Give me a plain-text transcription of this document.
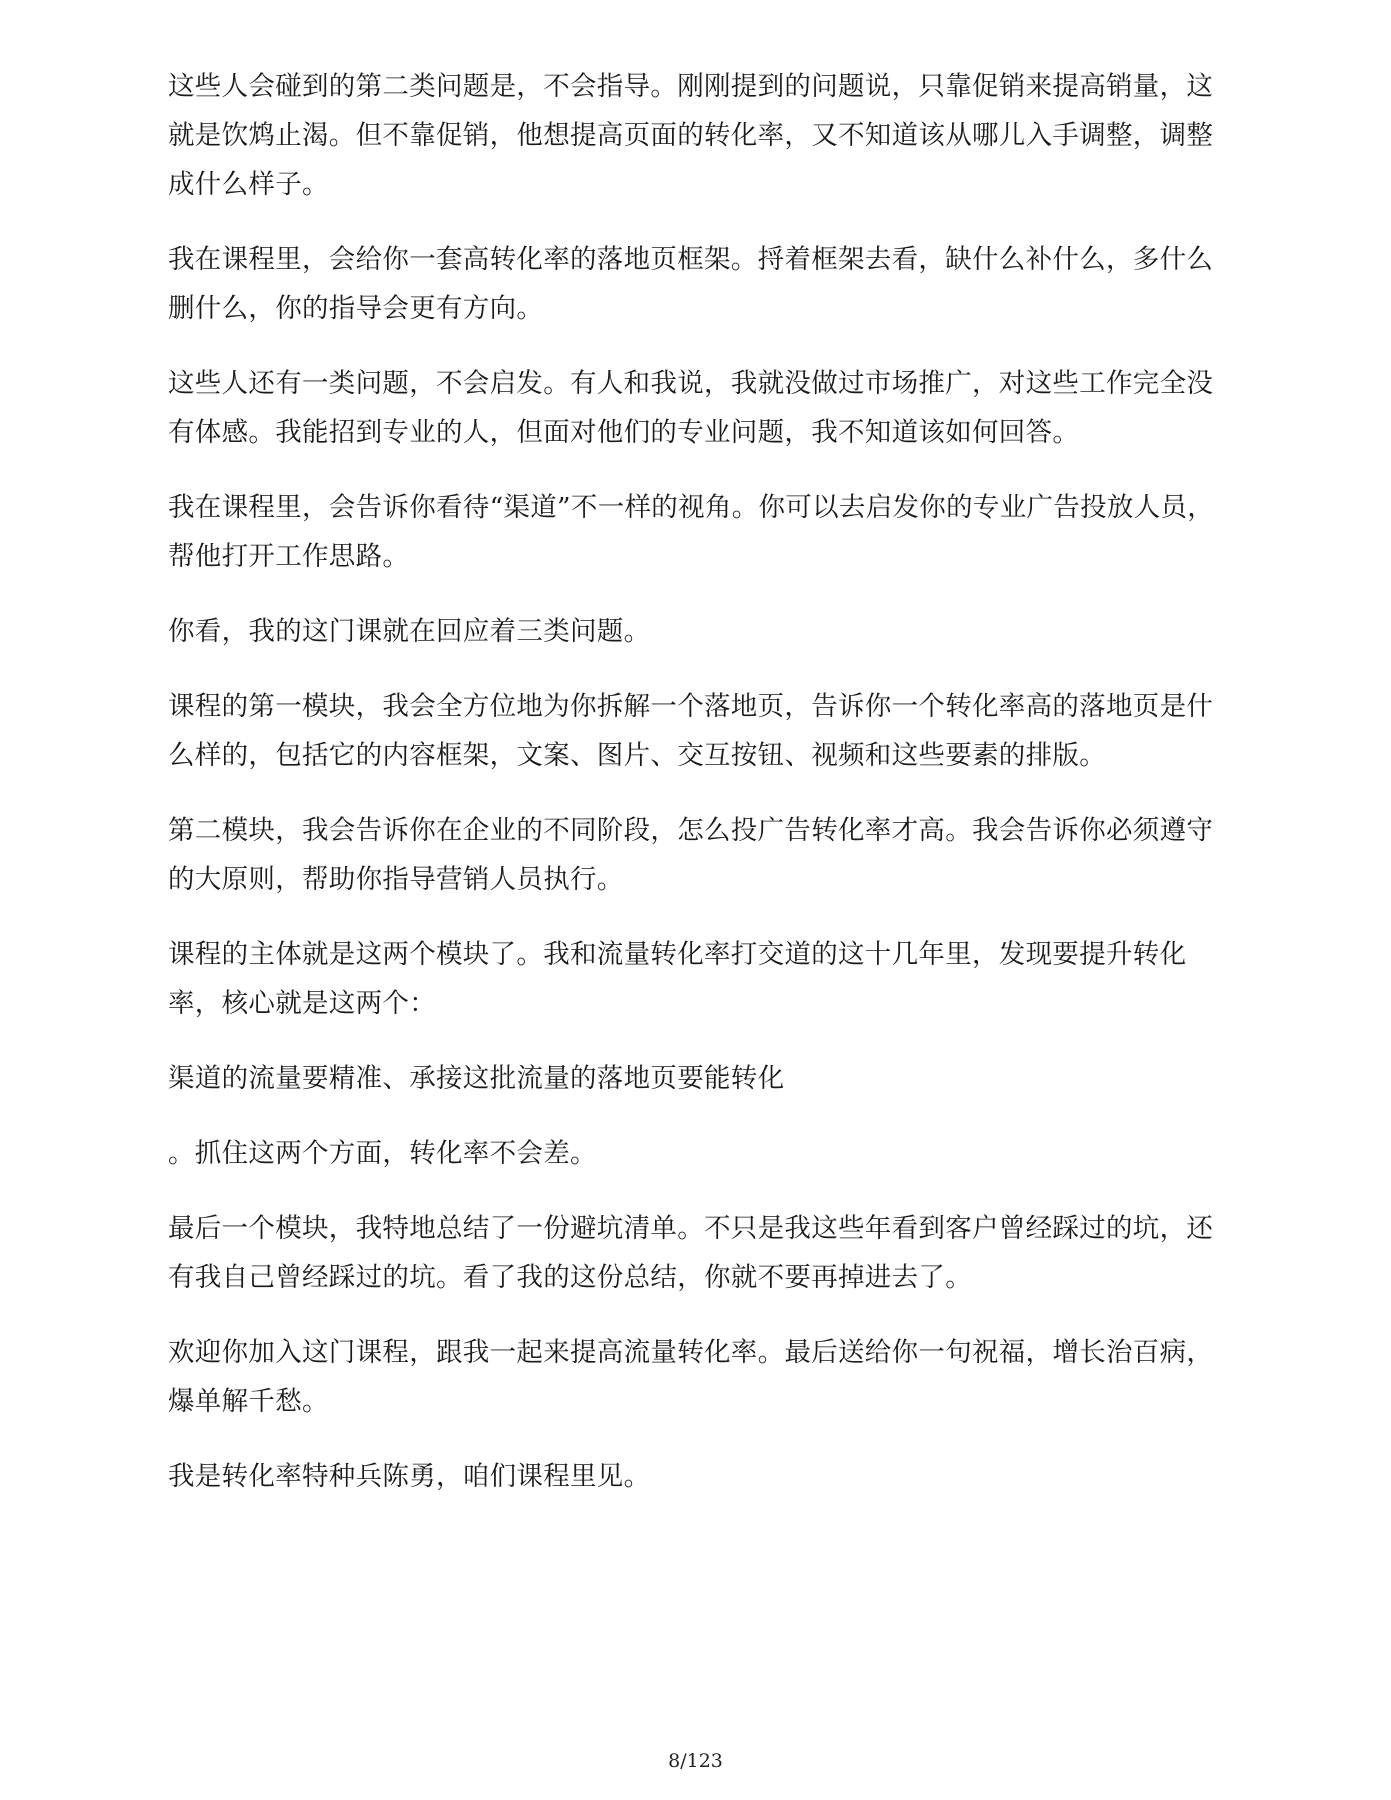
这些人会碰到的第二类问题是，不会指导。刚刚提到的问题说，只靠促销来提高销量，这就是饮鸩止渴。但不靠促销，他想提高页面的转化率，又不知道该从哪儿入手调整，调整成什么样子。

我在课程里，会给你一套高转化率的落地页框架。捋着框架去看，缺什么补什么，多什么删什么，你的指导会更有方向。

这些人还有一类问题，不会启发。有人和我说，我就没做过市场推广，对这些工作完全没有体感。我能招到专业的人，但面对他们的专业问题，我不知道该如何回答。

我在课程里，会告诉你看待“渠道”不一样的视角。你可以去启发你的专业广告投放人员，帮他打开工作思路。

你看，我的这门课就在回应着三类问题。

课程的第一模块，我会全方位地为你拆解一个落地页，告诉你一个转化率高的落地页是什么样的，包括它的内容框架，文案、图片、交互按钮、视频和这些要素的排版。

第二模块，我会告诉你在企业的不同阶段，怎么投广告转化率才高。我会告诉你必须遵守的大原则，帮助你指导营销人员执行。

课程的主体就是这两个模块了。我和流量转化率打交道的这十几年里，发现要提升转化率，核心就是这两个：

渠道的流量要精准、承接这批流量的落地页要能转化

。抓住这两个方面，转化率不会差。

最后一个模块，我特地总结了一份避坑清单。不只是我这些年看到客户曾经踩过的坑，还有我自己曾经踩过的坑。看了我的这份总结，你就不要再掉进去了。

欢迎你加入这门课程，跟我一起来提高流量转化率。最后送给你一句祝福，增长治百病，爆单解千愁。

我是转化率特种兵陈勇，咱们课程里见。

8/123
